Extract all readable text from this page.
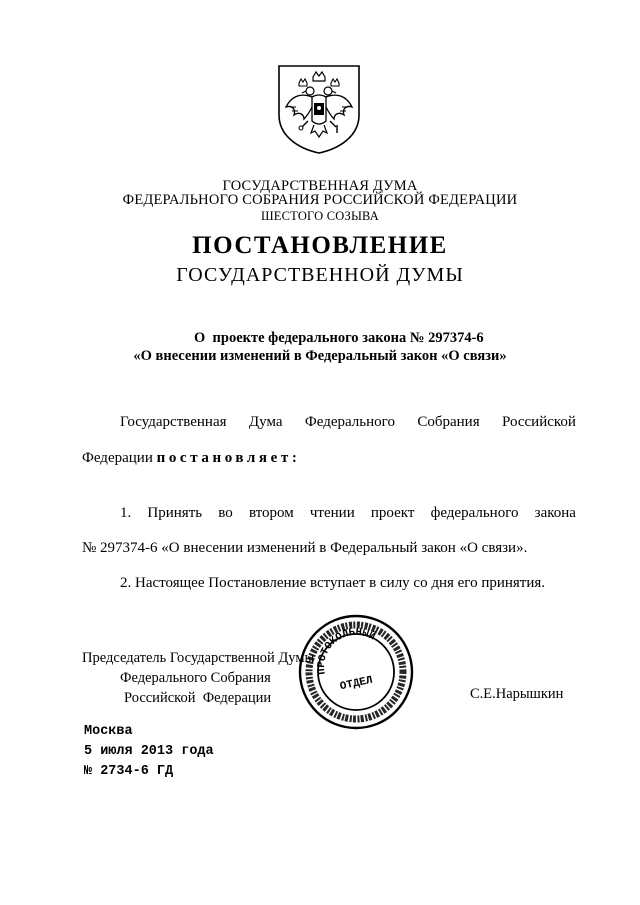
ГОСУДАРСТВЕННАЯ ДУМА
ФЕДЕРАЛЬНОГО СОБРАНИЯ РОССИЙСКОЙ ФЕДЕРАЦИИ
ШЕСТОГО СОЗЫВА
ПОСТАНОВЛЕНИЕ
ГОСУДАРСТВЕННОЙ ДУМЫ
О  проекте федерального закона № 297374-6
«О внесении изменений в Федеральный закон «О связи»
Государственная Дума Федерального Собрания Российской
Федерации постановляет:
1. Принять во втором чтении проект федерального закона
№ 297374-6 «О внесении изменений в Федеральный закон «О связи».
2. Настоящее Постановление вступает в силу со дня его принятия.
Председатель Государственной Думы
Федерального Собрания
Российской  Федерации	С.Е.Нарышкин
ПРОТОКОЛЬНЫЙ
ОТДЕЛ
Москва
5 июля 2013 года
№ 2734-6 ГД
